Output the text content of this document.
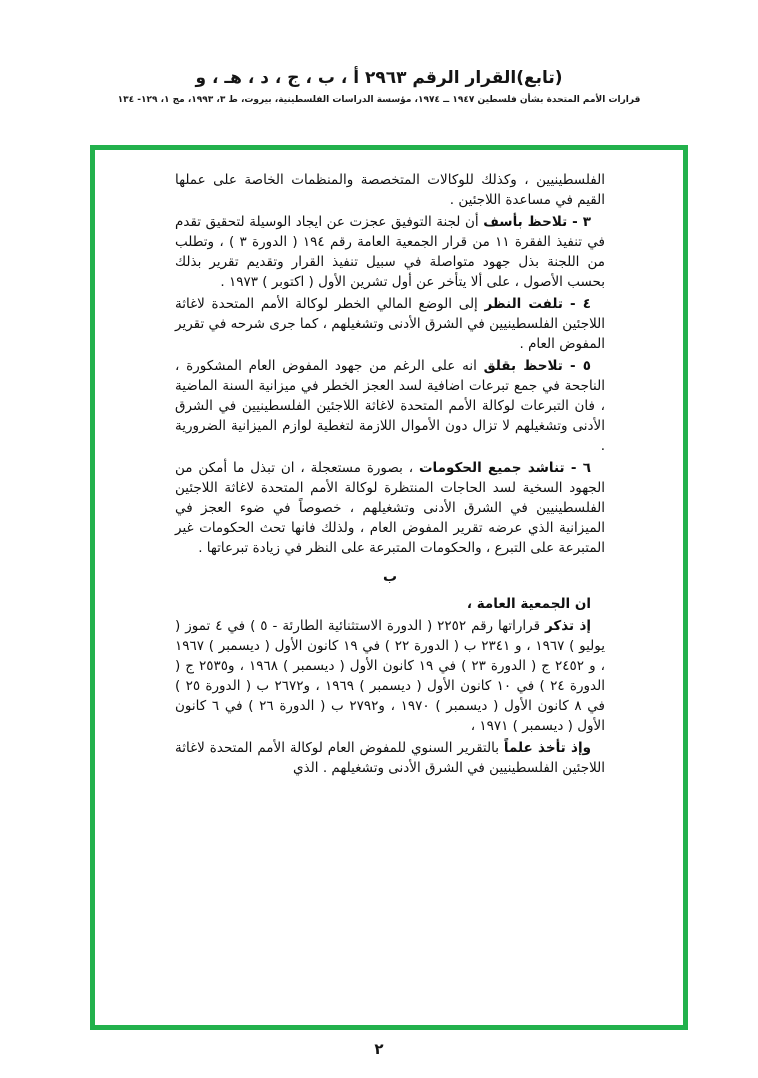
(تابع)القرار الرقم ٢٩٦٣ أ ، ب ، ج ، د ، هـ ، و
قرارات الأمم المتحدة بشأن فلسطين ١٩٤٧ ــ ١٩٧٤، مؤسسة الدراسات الفلسطينية، بيروت، ط ٣، ١٩٩٣، مج ١، ١٢٩- ١٣٤

الفلسطينيين ، وكذلك للوكالات المتخصصة والمنظمات الخاصة على عملها القيم في مساعدة اللاجئين .

٣ - تلاحظ بأسف أن لجنة التوفيق عجزت عن ايجاد الوسيلة لتحقيق تقدم في تنفيذ الفقرة ١١ من قرار الجمعية العامة رقم ١٩٤ ( الدورة ٣ ) ، وتطلب من اللجنة بذل جهود متواصلة في سبيل تنفيذ القرار وتقديم تقرير بذلك بحسب الأصول ، على ألا يتأخر عن أول تشرين الأول ( اكتوبر ) ١٩٧٣ .

٤ - تلفت النظر إلى الوضع المالي الخطر لوكالة الأمم المتحدة لاغاثة اللاجئين الفلسطينيين في الشرق الأدنى وتشغيلهم ، كما جرى شرحه في تقرير المفوض العام .

٥ - تلاحظ بقلق انه على الرغم من جهود المفوض العام المشكورة ، الناجحة في جمع تبرعات اضافية لسد العجز الخطر في ميزانية السنة الماضية ، فان التبرعات لوكالة الأمم المتحدة لاغاثة اللاجئين الفلسطينيين في الشرق الأدنى وتشغيلهم لا تزال دون الأموال اللازمة لتغطية لوازم الميزانية الضرورية .

٦ - تناشد جميع الحكومات ، بصورة مستعجلة ، ان تبذل ما أمكن من الجهود السخية لسد الحاجات المنتظرة لوكالة الأمم المتحدة لاغاثة اللاجئين الفلسطينيين في الشرق الأدنى وتشغيلهم ، خصوصاً في ضوء العجز في الميزانية الذي عرضه تقرير المفوض العام ، ولذلك فانها تحث الحكومات غير المتبرعة على التبرع ، والحكومات المتبرعة على النظر في زيادة تبرعاتها .

ب

ان الجمعية العامة ،

إذ تذكر قراراتها رقم ٢٢٥٢ ( الدورة الاستثنائية الطارئة - ٥ ) في ٤ تموز ( يوليو ) ١٩٦٧ ، و ٢٣٤١ ب ( الدورة ٢٢ ) في ١٩ كانون الأول ( ديسمبر ) ١٩٦٧ ، و ٢٤٥٢ ج ( الدورة ٢٣ ) في ١٩ كانون الأول ( ديسمبر ) ١٩٦٨ ، و٢٥٣٥ ج ( الدورة ٢٤ ) في ١٠ كانون الأول ( ديسمبر ) ١٩٦٩ ، و٢٦٧٢ ب ( الدورة ٢٥ ) في ٨ كانون الأول ( ديسمبر ) ١٩٧٠ ، و٢٧٩٢ ب ( الدورة ٢٦ ) في ٦ كانون الأول ( ديسمبر ) ١٩٧١ ،

وإذ تأخذ علماً بالتقرير السنوي للمفوض العام لوكالة الأمم المتحدة لاغاثة اللاجئين الفلسطينيين في الشرق الأدنى وتشغيلهم . الذي

٢
